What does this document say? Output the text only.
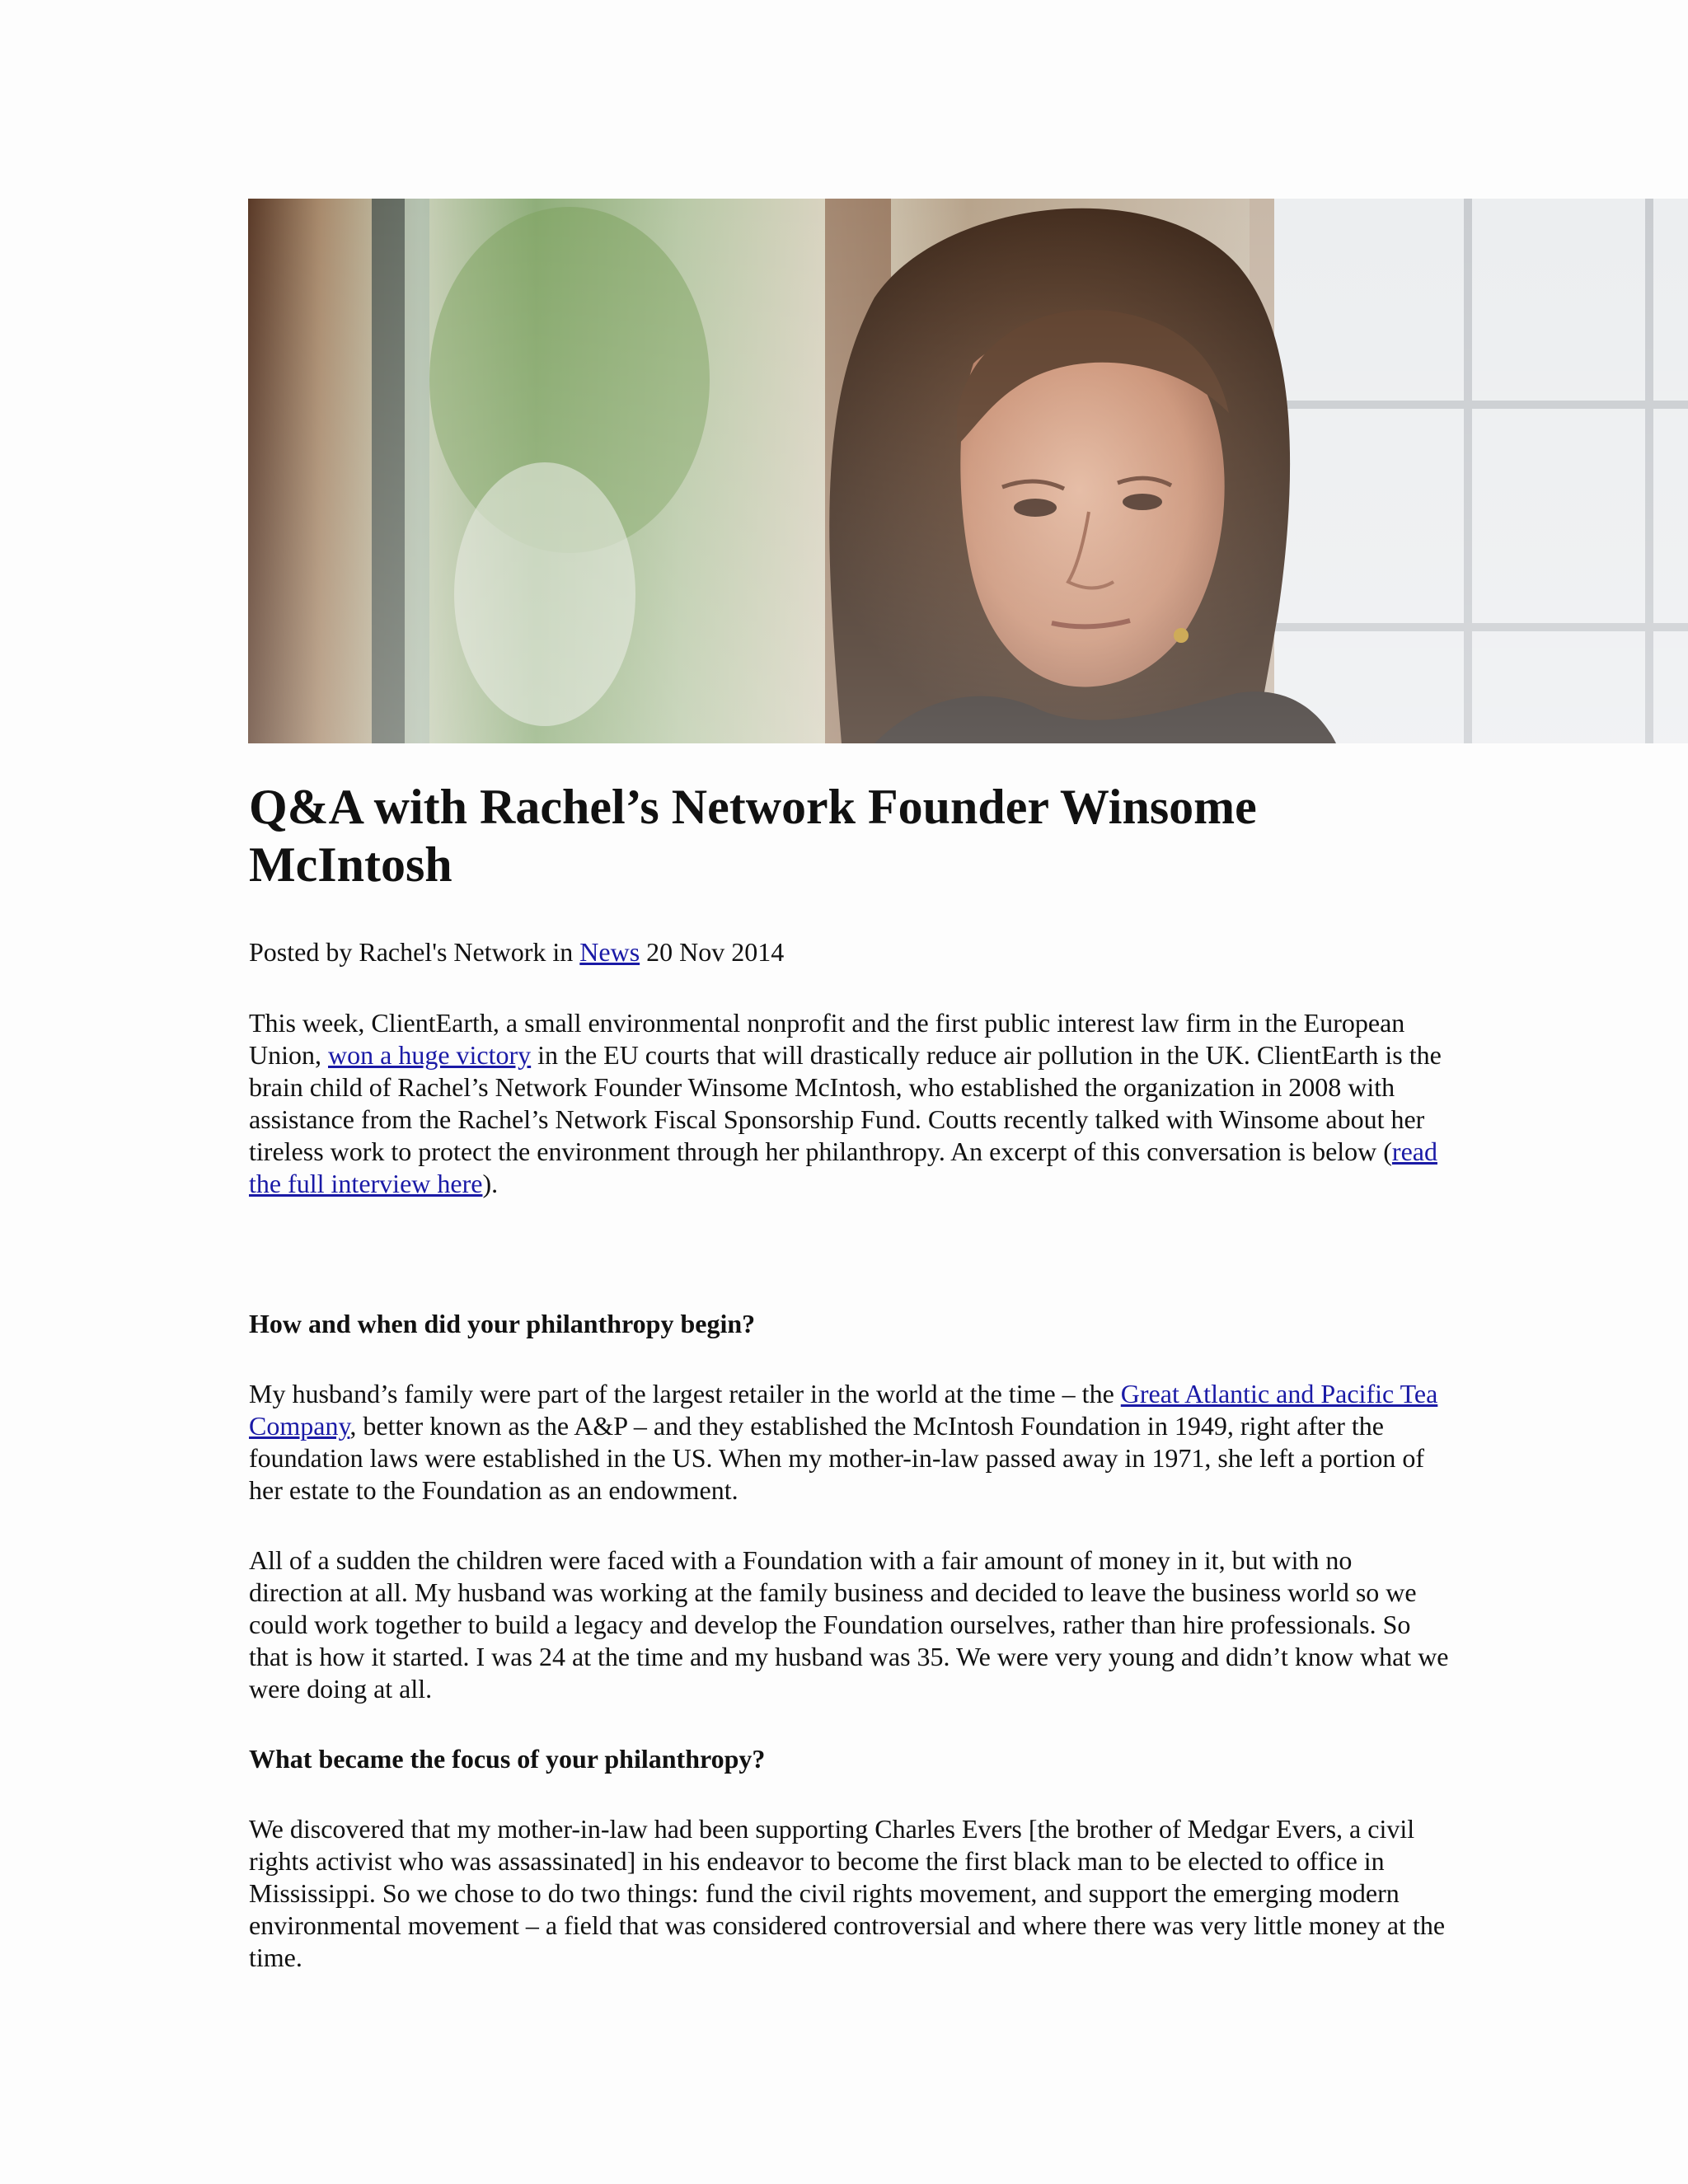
Q&A with Rachel’s Network Founder Winsome McIntosh

Posted by Rachel's Network in News 20 Nov 2014

This week, ClientEarth, a small environmental nonprofit and the first public interest law firm in the European Union, won a huge victory in the EU courts that will drastically reduce air pollution in the UK. ClientEarth is the brain child of Rachel’s Network Founder Winsome McIntosh, who established the organization in 2008 with assistance from the Rachel’s Network Fiscal Sponsorship Fund. Coutts recently talked with Winsome about her tireless work to protect the environment through her philanthropy. An excerpt of this conversation is below (read the full interview here).

How and when did your philanthropy begin?

My husband’s family were part of the largest retailer in the world at the time – the Great Atlantic and Pacific Tea Company, better known as the A&P – and they established the McIntosh Foundation in 1949, right after the foundation laws were established in the US. When my mother-in-law passed away in 1971, she left a portion of her estate to the Foundation as an endowment.

All of a sudden the children were faced with a Foundation with a fair amount of money in it, but with no direction at all. My husband was working at the family business and decided to leave the business world so we could work together to build a legacy and develop the Foundation ourselves, rather than hire professionals. So that is how it started. I was 24 at the time and my husband was 35. We were very young and didn’t know what we were doing at all.

What became the focus of your philanthropy?

We discovered that my mother-in-law had been supporting Charles Evers [the brother of Medgar Evers, a civil rights activist who was assassinated] in his endeavor to become the first black man to be elected to office in Mississippi. So we chose to do two things: fund the civil rights movement, and support the emerging modern environmental movement – a field that was considered controversial and where there was very little money at the time.
